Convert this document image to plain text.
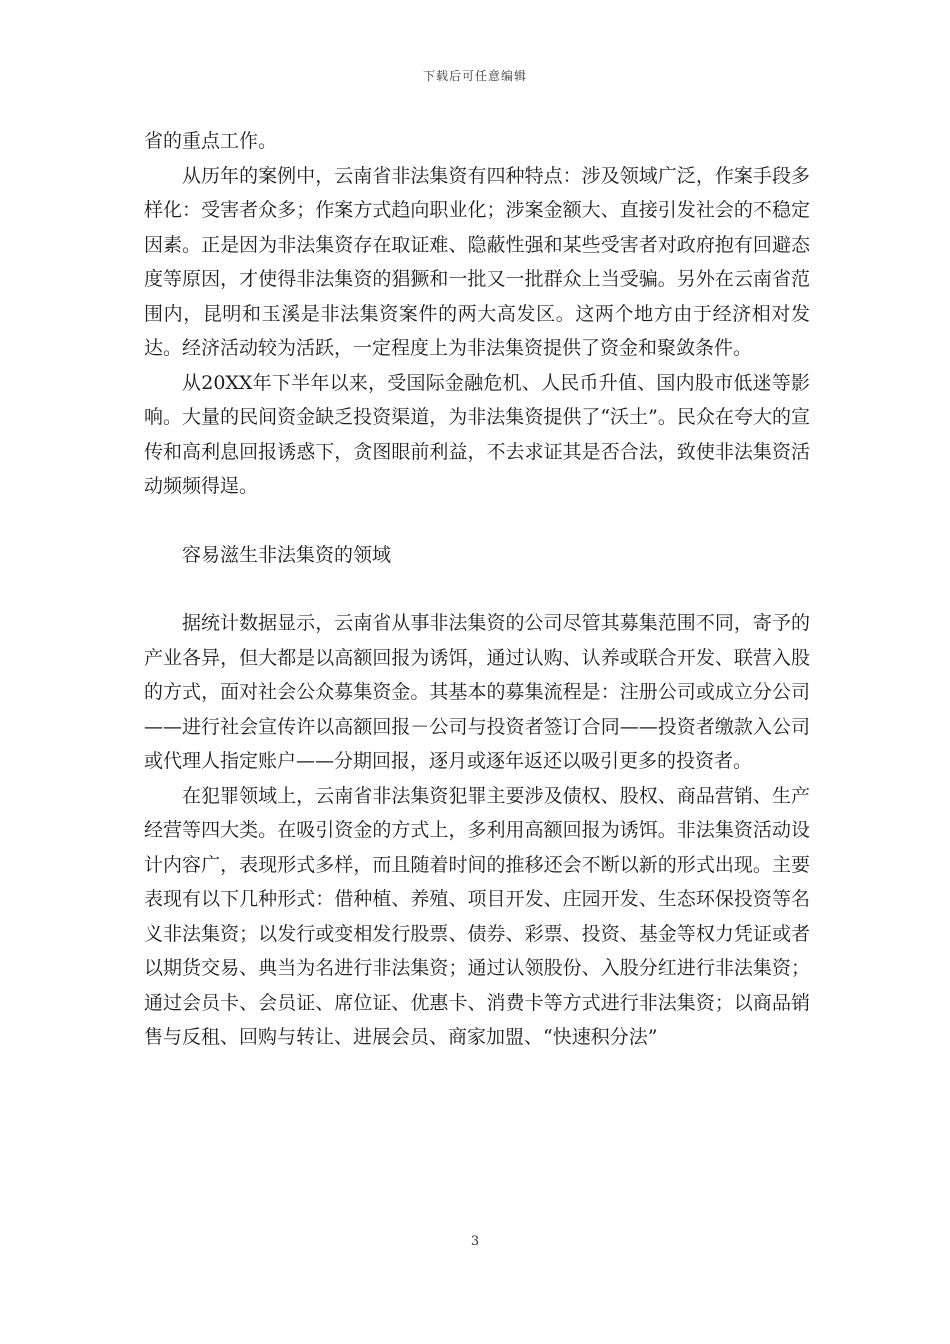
下载后可任意编辑

省的重点工作。

从历年的案例中，云南省非法集资有四种特点：涉及领域广泛，作案手段多样化：受害者众多；作案方式趋向职业化；涉案金额大、直接引发社会的不稳定因素。正是因为非法集资存在取证难、隐蔽性强和某些受害者对政府抱有回避态度等原因，才使得非法集资的猖獗和一批又一批群众上当受骗。另外在云南省范围内，昆明和玉溪是非法集资案件的两大高发区。这两个地方由于经济相对发达。经济活动较为活跃，一定程度上为非法集资提供了资金和聚敛条件。

从20XX年下半年以来，受国际金融危机、人民币升值、国内股市低迷等影响。大量的民间资金缺乏投资渠道，为非法集资提供了“沃土”。民众在夸大的宣传和高利息回报诱惑下，贪图眼前利益，不去求证其是否合法，致使非法集资活动频频得逞。

容易滋生非法集资的领域

据统计数据显示，云南省从事非法集资的公司尽管其募集范围不同，寄予的产业各异，但大都是以高额回报为诱饵，通过认购、认养或联合开发、联营入股的方式，面对社会公众募集资金。其基本的募集流程是：注册公司或成立分公司——进行社会宣传许以高额回报－公司与投资者签订合同——投资者缴款入公司或代理人指定账户——分期回报，逐月或逐年返还以吸引更多的投资者。

在犯罪领域上，云南省非法集资犯罪主要涉及债权、股权、商品营销、生产经营等四大类。在吸引资金的方式上，多利用高额回报为诱饵。非法集资活动设计内容广，表现形式多样，而且随着时间的推移还会不断以新的形式出现。主要表现有以下几种形式：借种植、养殖、项目开发、庄园开发、生态环保投资等名义非法集资；以发行或变相发行股票、债券、彩票、投资、基金等权力凭证或者以期货交易、典当为名进行非法集资；通过认领股份、入股分红进行非法集资；通过会员卡、会员证、席位证、优惠卡、消费卡等方式进行非法集资；以商品销售与反租、回购与转让、进展会员、商家加盟、“快速积分法”

3
